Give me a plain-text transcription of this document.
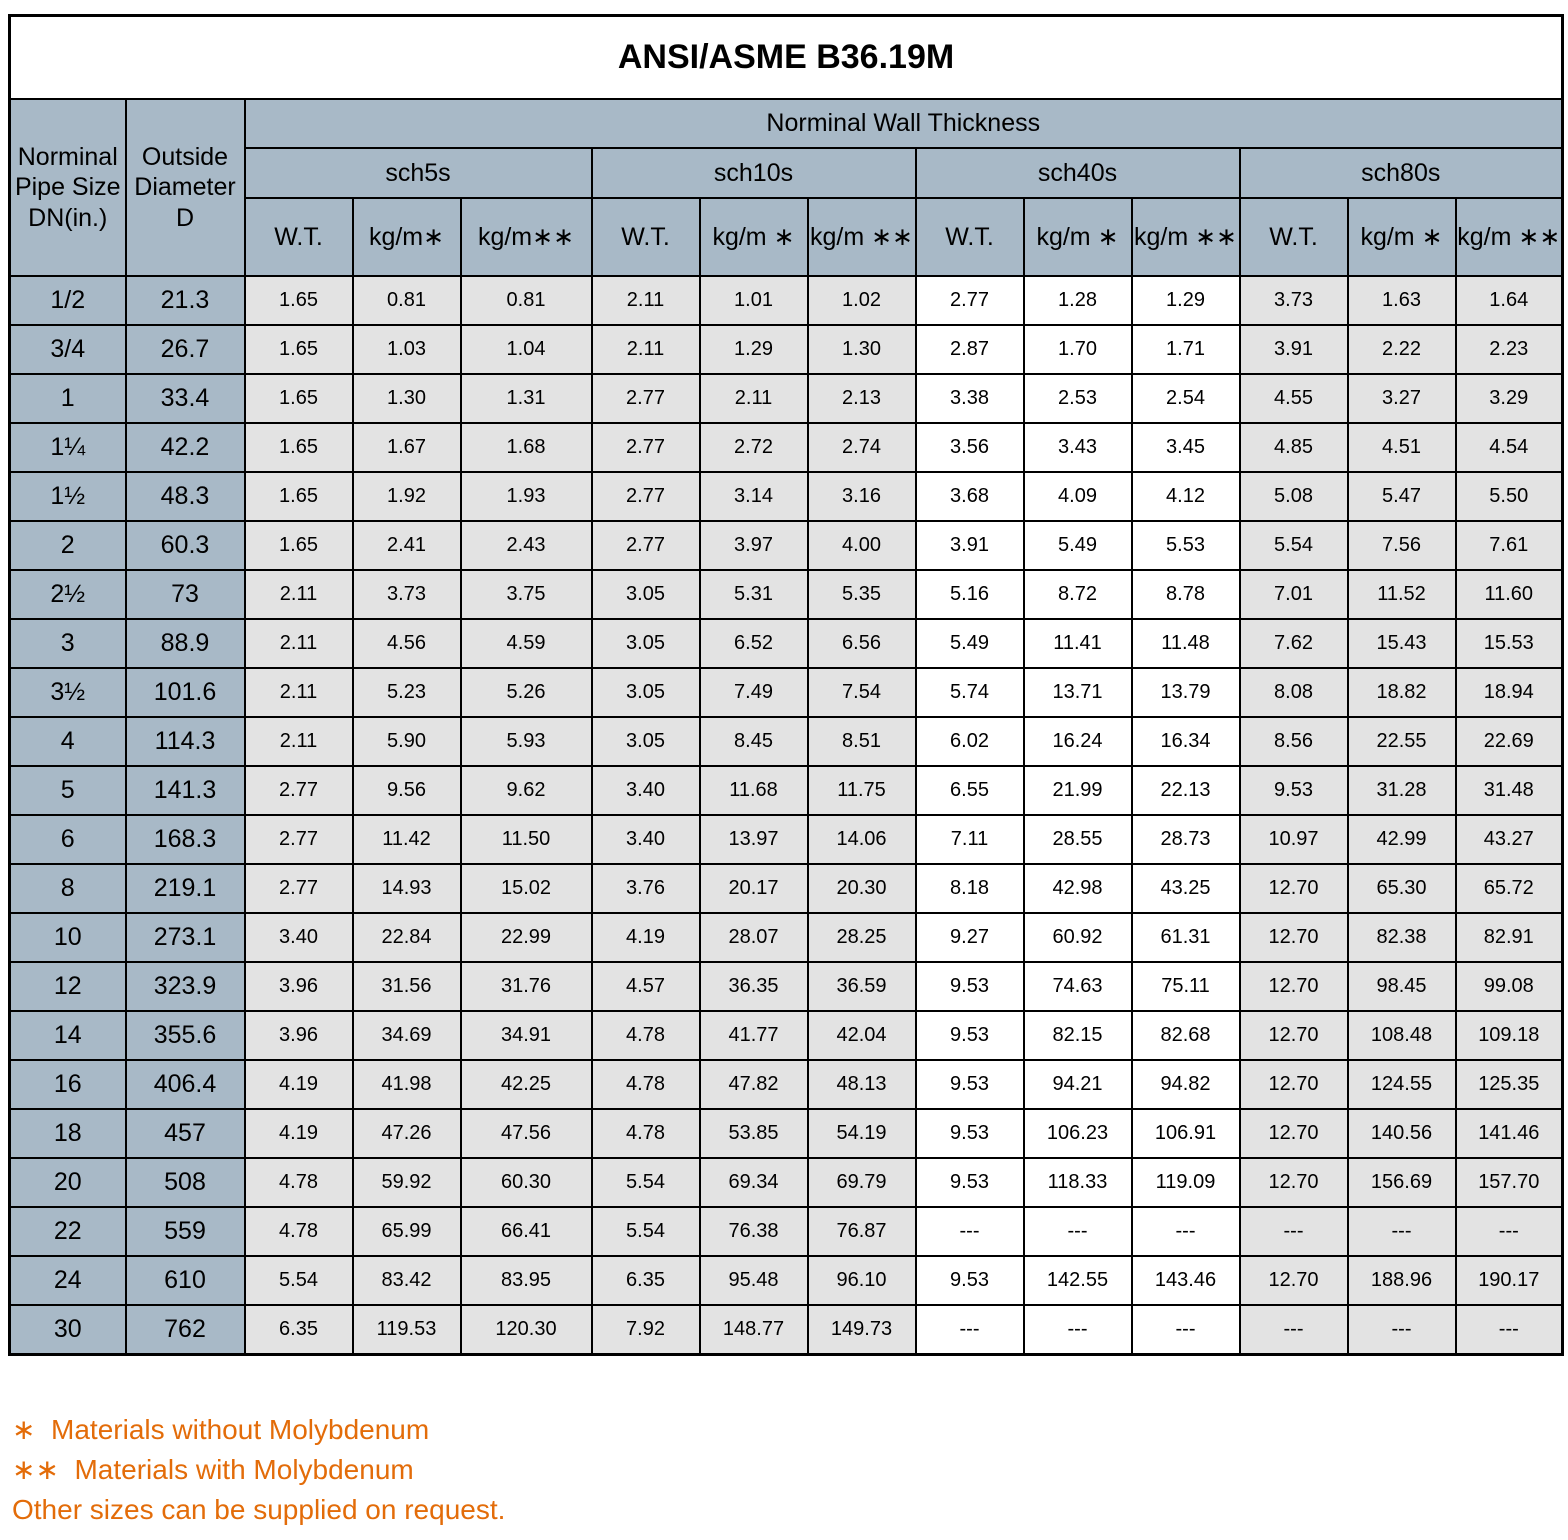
ANSI/ASME B36.19M													
Norminal Pipe Size DN(in.)	Outside Diameter D	Norminal Wall Thickness											
		sch5s			sch10s			sch40s			sch80s		
		W.T.	kg/m∗	kg/m∗∗	W.T.	kg/m ∗	kg/m ∗∗	W.T.	kg/m ∗	kg/m ∗∗	W.T.	kg/m ∗	kg/m ∗∗
1/2	21.3	1.65	0.81	0.81	2.11	1.01	1.02	2.77	1.28	1.29	3.73	1.63	1.64
3/4	26.7	1.65	1.03	1.04	2.11	1.29	1.30	2.87	1.70	1.71	3.91	2.22	2.23
1	33.4	1.65	1.30	1.31	2.77	2.11	2.13	3.38	2.53	2.54	4.55	3.27	3.29
1¼	42.2	1.65	1.67	1.68	2.77	2.72	2.74	3.56	3.43	3.45	4.85	4.51	4.54
1½	48.3	1.65	1.92	1.93	2.77	3.14	3.16	3.68	4.09	4.12	5.08	5.47	5.50
2	60.3	1.65	2.41	2.43	2.77	3.97	4.00	3.91	5.49	5.53	5.54	7.56	7.61
2½	73	2.11	3.73	3.75	3.05	5.31	5.35	5.16	8.72	8.78	7.01	11.52	11.60
3	88.9	2.11	4.56	4.59	3.05	6.52	6.56	5.49	11.41	11.48	7.62	15.43	15.53
3½	101.6	2.11	5.23	5.26	3.05	7.49	7.54	5.74	13.71	13.79	8.08	18.82	18.94
4	114.3	2.11	5.90	5.93	3.05	8.45	8.51	6.02	16.24	16.34	8.56	22.55	22.69
5	141.3	2.77	9.56	9.62	3.40	11.68	11.75	6.55	21.99	22.13	9.53	31.28	31.48
6	168.3	2.77	11.42	11.50	3.40	13.97	14.06	7.11	28.55	28.73	10.97	42.99	43.27
8	219.1	2.77	14.93	15.02	3.76	20.17	20.30	8.18	42.98	43.25	12.70	65.30	65.72
10	273.1	3.40	22.84	22.99	4.19	28.07	28.25	9.27	60.92	61.31	12.70	82.38	82.91
12	323.9	3.96	31.56	31.76	4.57	36.35	36.59	9.53	74.63	75.11	12.70	98.45	99.08
14	355.6	3.96	34.69	34.91	4.78	41.77	42.04	9.53	82.15	82.68	12.70	108.48	109.18
16	406.4	4.19	41.98	42.25	4.78	47.82	48.13	9.53	94.21	94.82	12.70	124.55	125.35
18	457	4.19	47.26	47.56	4.78	53.85	54.19	9.53	106.23	106.91	12.70	140.56	141.46
20	508	4.78	59.92	60.30	5.54	69.34	69.79	9.53	118.33	119.09	12.70	156.69	157.70
22	559	4.78	65.99	66.41	5.54	76.38	76.87	---	---	---	---	---	---
24	610	5.54	83.42	83.95	6.35	95.48	96.10	9.53	142.55	143.46	12.70	188.96	190.17
30	762	6.35	119.53	120.30	7.92	148.77	149.73	---	---	---	---	---	---
∗  Materials without Molybdenum
∗∗  Materials with Molybdenum
Other sizes can be supplied on request.
